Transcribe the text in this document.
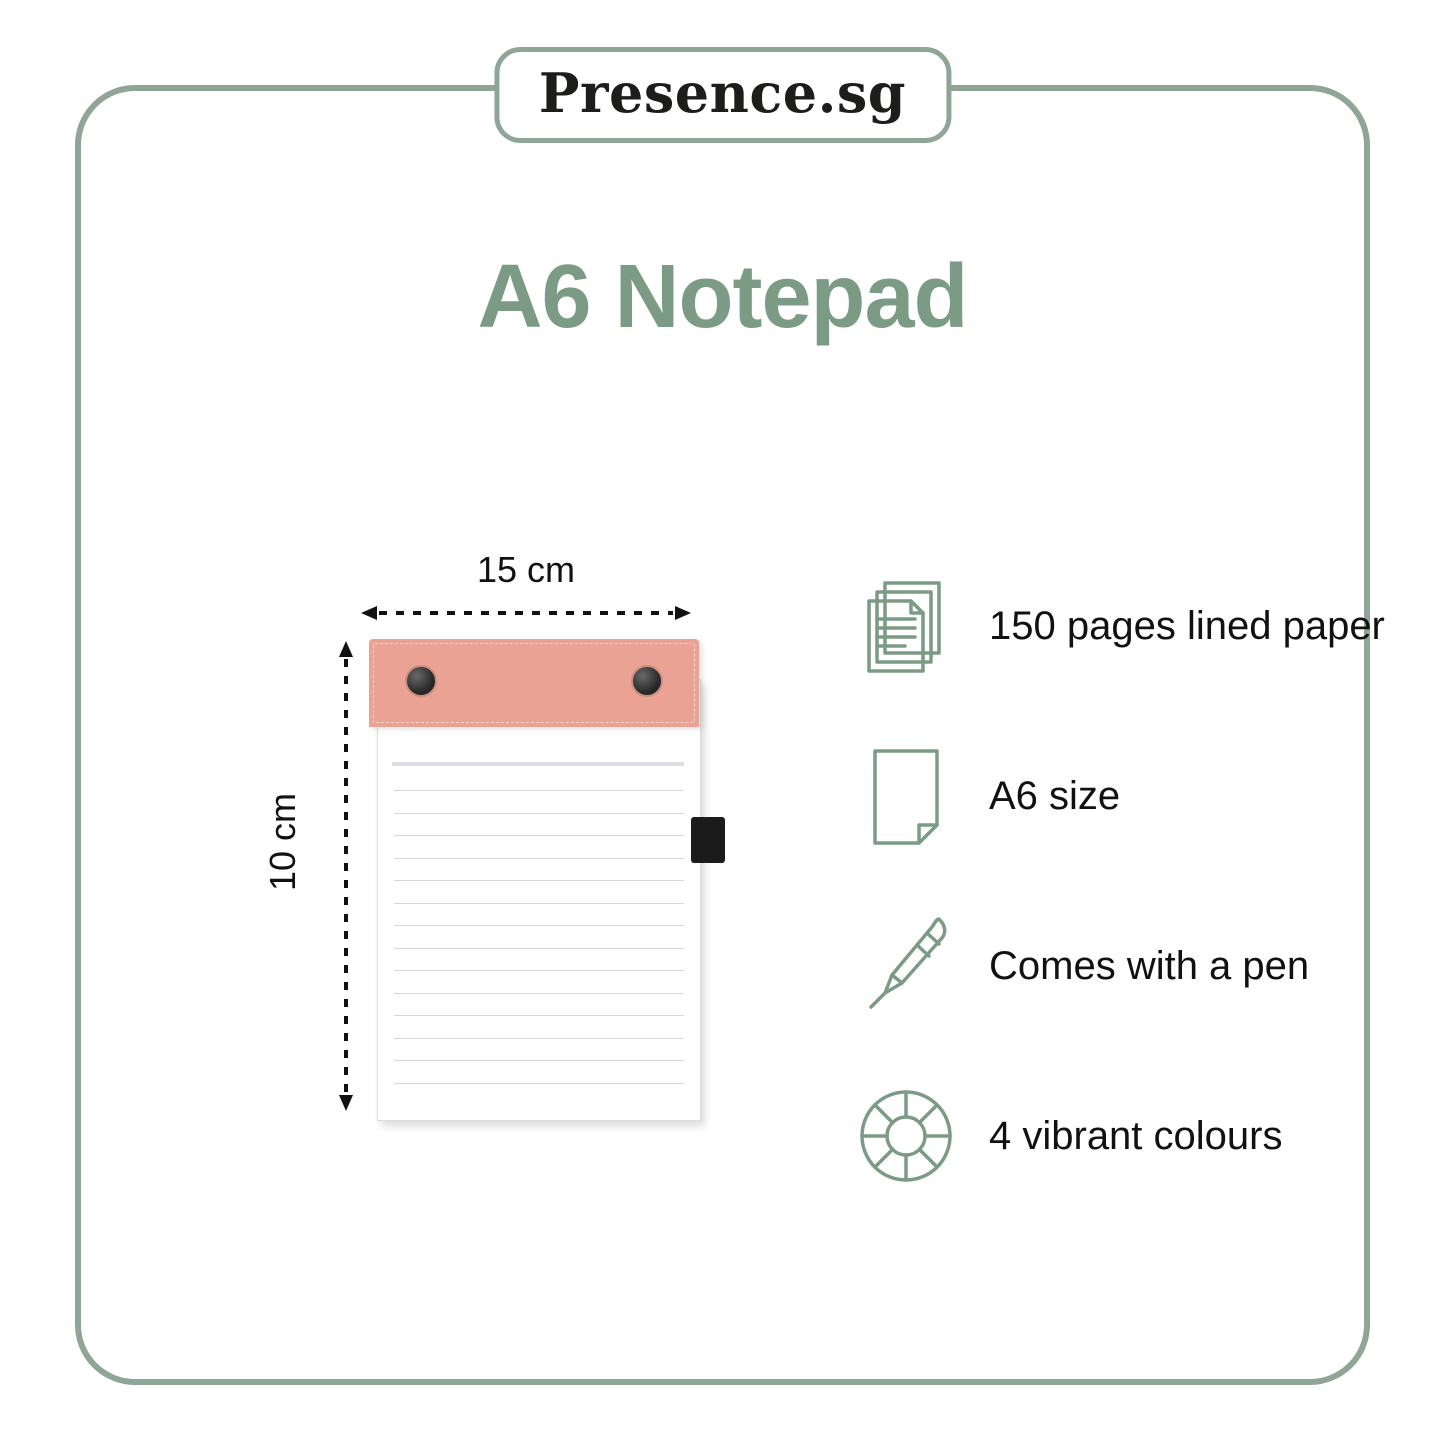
A6 Notepad
15 cm
10 cm
150 pages lined paper
A6 size
Comes with a pen
4 vibrant colours
Presence.sg
